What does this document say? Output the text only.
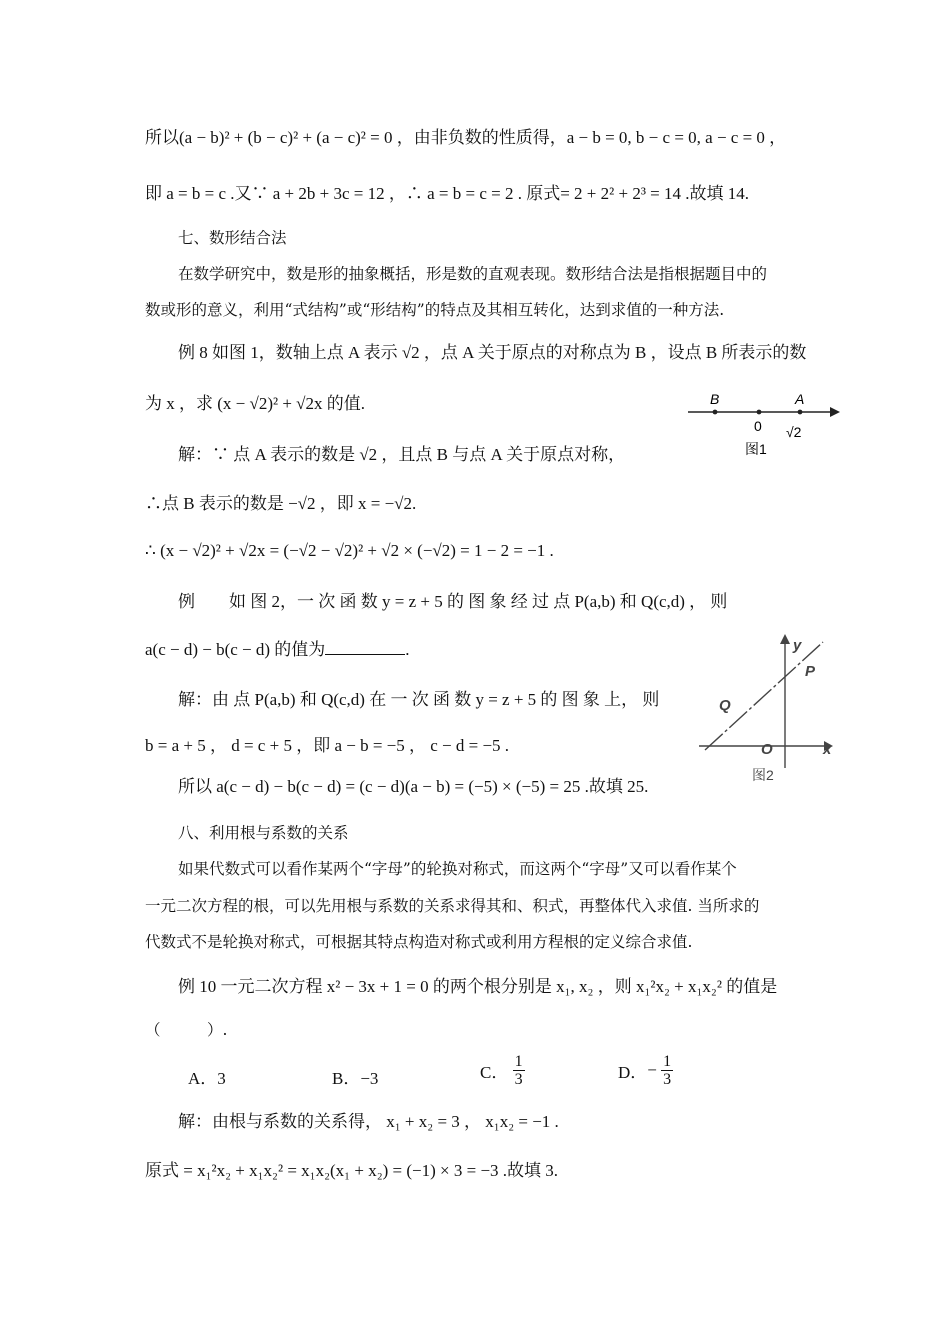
所以(a − b)² + (b − c)² + (a − c)² = 0 ，由非负数的性质得，a − b = 0, b − c = 0, a − c = 0 ，
即 a = b = c .又∵ a + 2b + 3c = 12 ，∴ a = b = c = 2 . 原式= 2 + 2² + 2³ = 14 .故填 14.
七、数形结合法
在数学研究中，数是形的抽象概括，形是数的直观表现。数形结合法是指根据题目中的
数或形的意义，利用“式结构”或“形结构”的特点及其相互转化，达到求值的一种方法.
例 8 如图 1，数轴上点 A 表示 √2 ，点 A 关于原点的对称点为 B ，设点 B 所表示的数
为 x ，求 (x − √2)² + √2x 的值.
解：∵ 点 A 表示的数是 √2 ，且点 B 与点 A 关于原点对称，
∴点 B 表示的数是 −√2 ，即 x = −√2.
∴ (x − √2)² + √2x = (−√2 − √2)² + √2 × (−√2) = 1 − 2 = −1 .
例　　如 图 2，一 次 函 数 y = z + 5 的 图 象 经 过 点 P(a,b) 和 Q(c,d) ， 则
a(c − d) − b(c − d) 的值为	.
解：由 点 P(a,b) 和 Q(c,d) 在 一 次 函 数 y = z + 5 的 图 象 上， 则
b = a + 5 ， d = c + 5 ，即 a − b = −5 ， c − d = −5 .
所以 a(c − d) − b(c − d) = (c − d)(a − b) = (−5) × (−5) = 25 .故填 25.
八、利用根与系数的关系
如果代数式可以看作某两个“字母”的轮换对称式，而这两个“字母”又可以看作某个
一元二次方程的根，可以先用根与系数的关系求得其和、积式，再整体代入求值. 当所求的
代数式不是轮换对称式，可根据其特点构造对称式或利用方程根的定义综合求值.
例 10 一元二次方程 x² − 3x + 1 = 0 的两个根分别是 x₁, x₂ ，则 x₁²x₂ + x₁x₂² 的值是
（　　　）.
A．3	B．−3	C． $\frac{1}{3}$	D．− $\frac{1}{3}$
解：由根与系数的关系得， x₁ + x₂ = 3 ， x₁x₂ = −1 .
原式 = x₁²x₂ + x₁x₂² = x₁x₂(x₁ + x₂) = (−1) × 3 = −3 .故填 3.
B
0
A
√2
图1
y
P
Q
O	x
图2
